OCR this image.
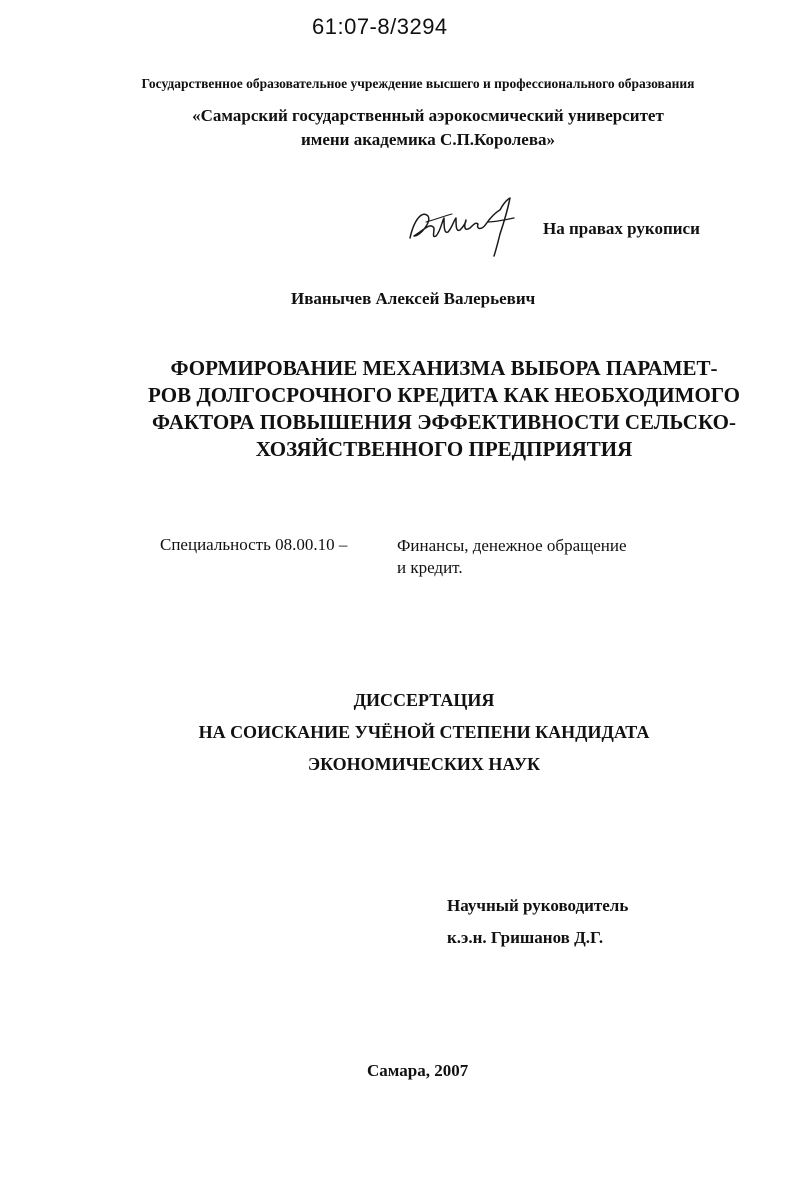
61:07-8/3294
Государственное образовательное учреждение высшего и профессионального образования
«Самарский государственный аэрокосмический университет
имени академика С.П.Королева»
На правах рукописи
Иванычев Алексей Валерьевич
ФОРМИРОВАНИЕ МЕХАНИЗМА ВЫБОРА ПАРАМЕТ-
РОВ ДОЛГОСРОЧНОГО КРЕДИТА КАК НЕОБХОДИМОГО
ФАКТОРА ПОВЫШЕНИЯ ЭФФЕКТИВНОСТИ СЕЛЬСКО-
ХОЗЯЙСТВЕННОГО ПРЕДПРИЯТИЯ
Специальность 08.00.10 –	Финансы, денежное обращение
и кредит.
ДИССЕРТАЦИЯ
НА СОИСКАНИЕ УЧЁНОЙ СТЕПЕНИ КАНДИДАТА
ЭКОНОМИЧЕСКИХ НАУК
Научный руководитель
к.э.н. Гришанов Д.Г.
Самара, 2007
